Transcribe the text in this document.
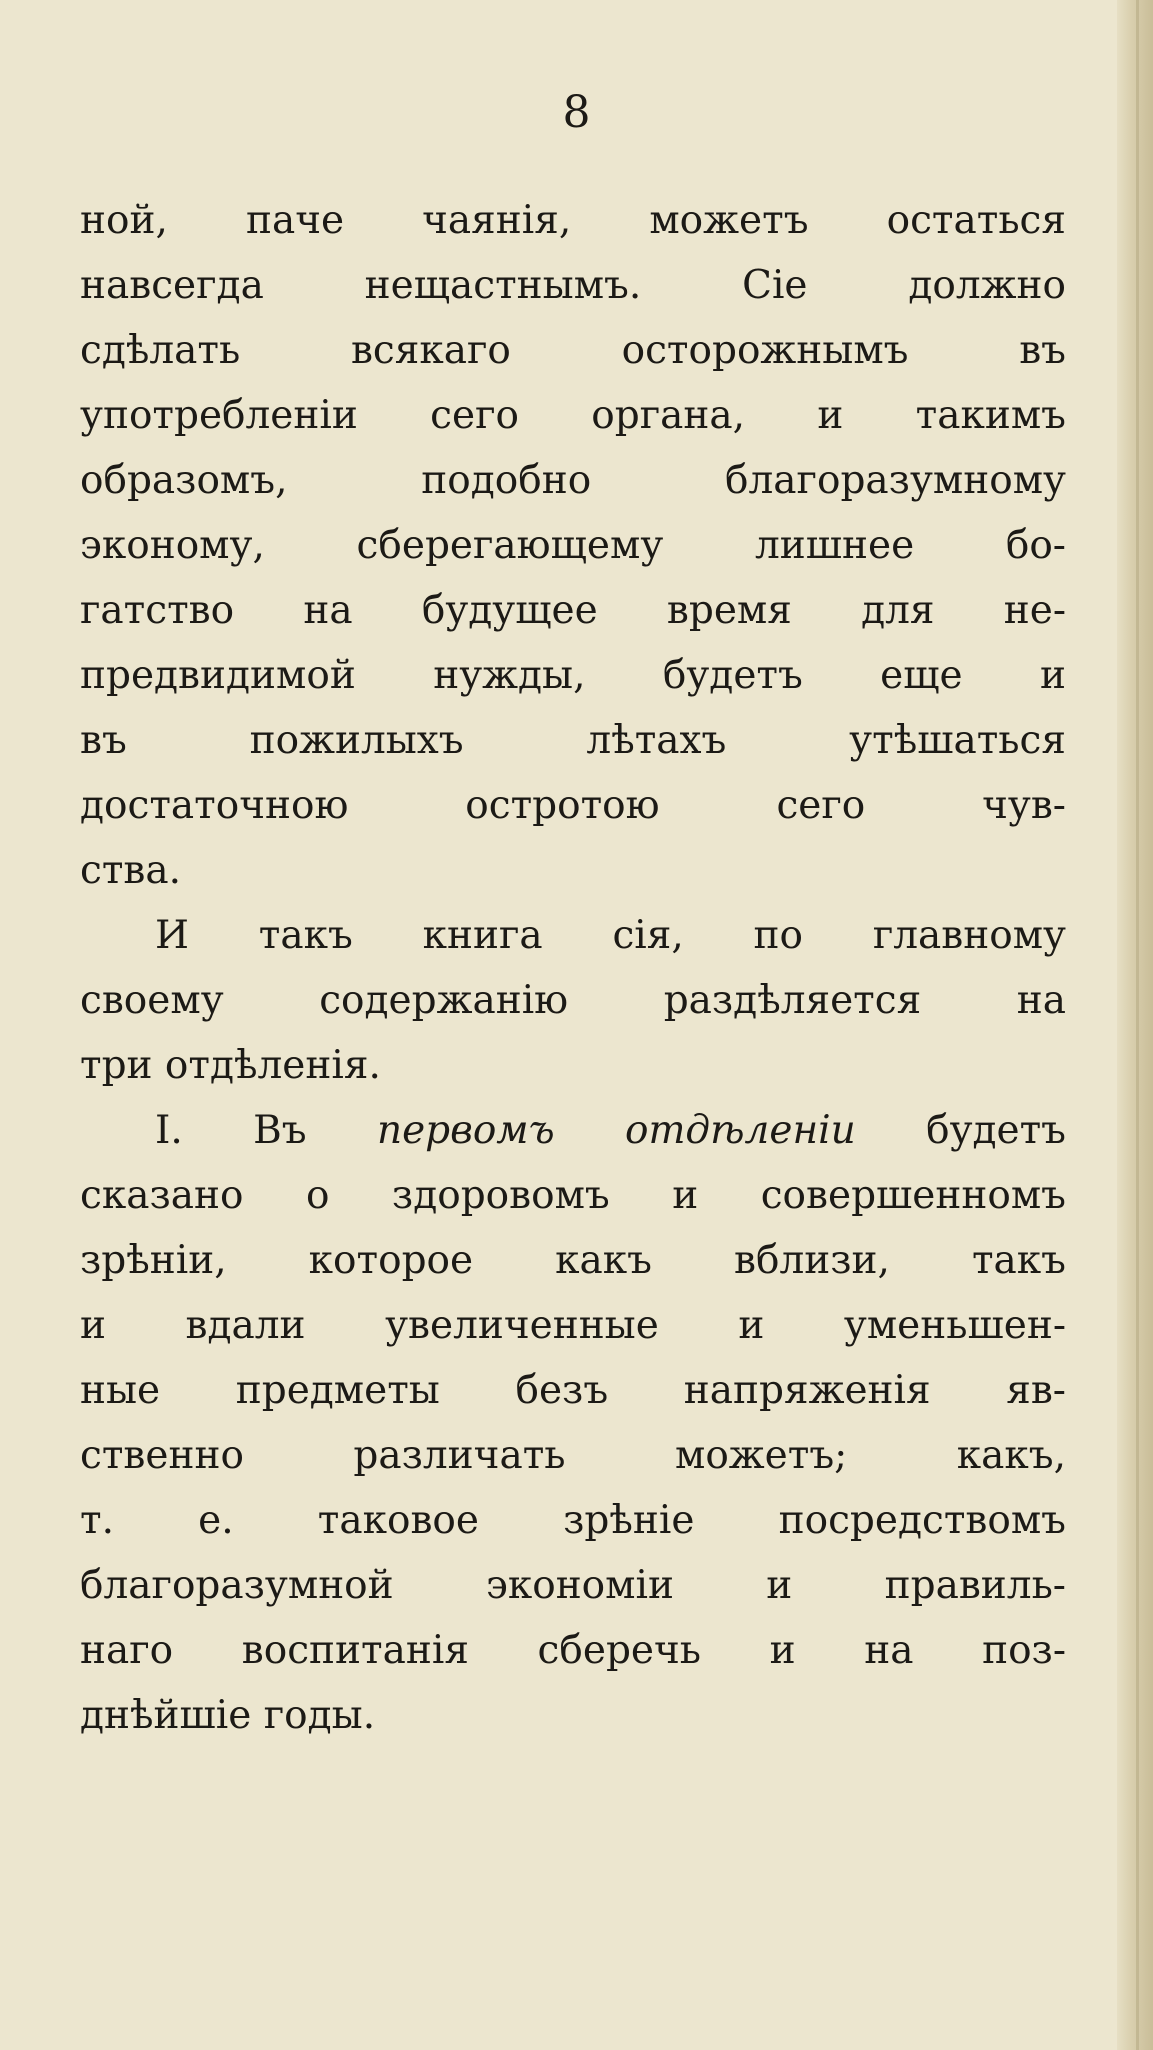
8
ной, паче чаянія, можетъ остаться
навсегда нещастнымъ. Сіе должно
сдѣлать всякаго осторожнымъ въ
употребленіи сего органа, и такимъ
образомъ, подобно благоразумному
эконому, сберегающему лишнее бо-
гатство на будущее время для не-
предвидимой нужды, будетъ еще и
въ пожилыхъ лѣтахъ утѣшаться
достаточною остротою сего чув-
ства.
И такъ книга сія, по главному
своему содержанію раздѣляется на
три отдѣленія.
I. Въ первомъ отдѣленіи будетъ
сказано о здоровомъ и совершенномъ
зрѣніи, которое какъ вблизи, такъ
и вдали увеличенные и уменьшен-
ные предметы безъ напряженія яв-
ственно различать можетъ; какъ,
т. е. таковое зрѣніе посредствомъ
благоразумной экономіи и правиль-
наго воспитанія сберечь и на поз-
днѣйшіе годы.
